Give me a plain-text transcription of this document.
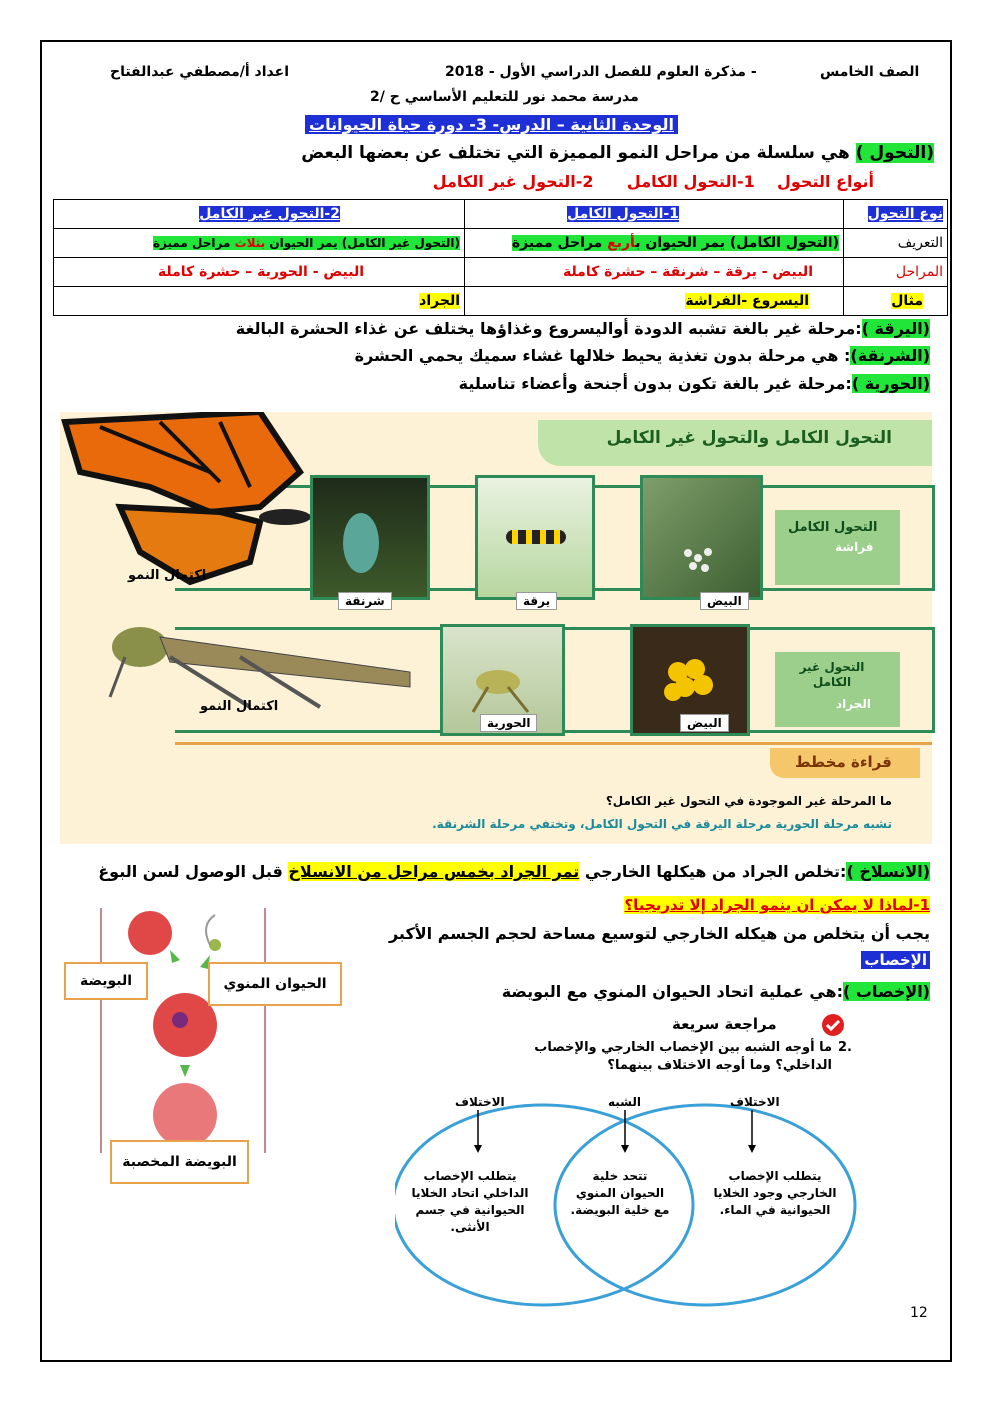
الصف الخامس
- مذكرة العلوم للفصل الدراسي الأول - 2018
اعداد أ/مصطفي عبدالفتاح
مدرسة محمد نور للتعليم الأساسي ح /2
الوحدة الثانية – الدرس- 3- دورة حياة الحيوانات
(التحول ) هي سلسلة من مراحل النمو المميزة التي تختلف عن بعضها البعض
أنواع التحول    1-التحول الكامل      2-التحول غير الكامل
نوع التحول	1-التحول الكامل	2-التحول غير الكامل
التعريف	(التحول الكامل) يمر الحيوان بأربع مراحل مميزة	(التحول غير الكامل) يمر الحيوان بثلاث مراحل مميزة
المراحل	البيض - يرقة – شرنقة – حشرة كاملة	البيض - الحورية – حشرة كاملة
مثال	اليسروع -الفراشة	الجراد
(اليرقة ):مرحلة غير بالغة تشبه الدودة أواليسروع وغذاؤها يختلف عن غذاء الحشرة البالغة
(الشرنقة): هي مرحلة بدون تغذية يحيط خلالها غشاء سميك يحمي الحشرة
(الحورية ):مرحلة غير بالغة تكون بدون أجنحة وأعضاء تناسلية
التحول الكامل والتحول غير الكامل
التحول الكامل
فراشة
اكتمال النمو
شرنقة	يرقة	البيض
التحول غير الكامل
الجراد
اكتمال النمو
الحورية	البيض
قراءة مخطط
ما المرحلة غير الموجودة في التحول غير الكامل؟
تشبه مرحلة الحورية مرحلة اليرقة في التحول الكامل، وتختفي مرحلة الشرنقة.
(الانسلاخ ):تخلص الجراد من هيكلها الخارجي تمر الجراد بخمس مراحل من الانسلاخ قبل الوصول لسن البوغ
1-لماذا لا يمكن ان ينمو الجراد إلا تدريجيا؟
يجب أن يتخلص من هيكله الخارجي لتوسيع مساحة لحجم الجسم الأكبر
الإخصاب
(الإخصاب ):هي عملية اتحاد الحيوان المنوي مع البويضة
البويضة	الحيوان المنوي
البويضة المخصبة
مراجعة سريعة
2.
ما أوجه الشبه بين الإخصاب الخارجي والإخصاب
الداخلي؟ وما أوجه الاختلاف بينهما؟
الاختلاف	الشبه	الاختلاف
يتطلب الإخصاب الداخلي اتحاد الخلايا الحيوانية في جسم الأنثى.
تتحد خلية الحيوان المنوي مع خلية البويضة.
يتطلب الإخصاب الخارجي وجود الخلايا الحيوانية في الماء.
12
